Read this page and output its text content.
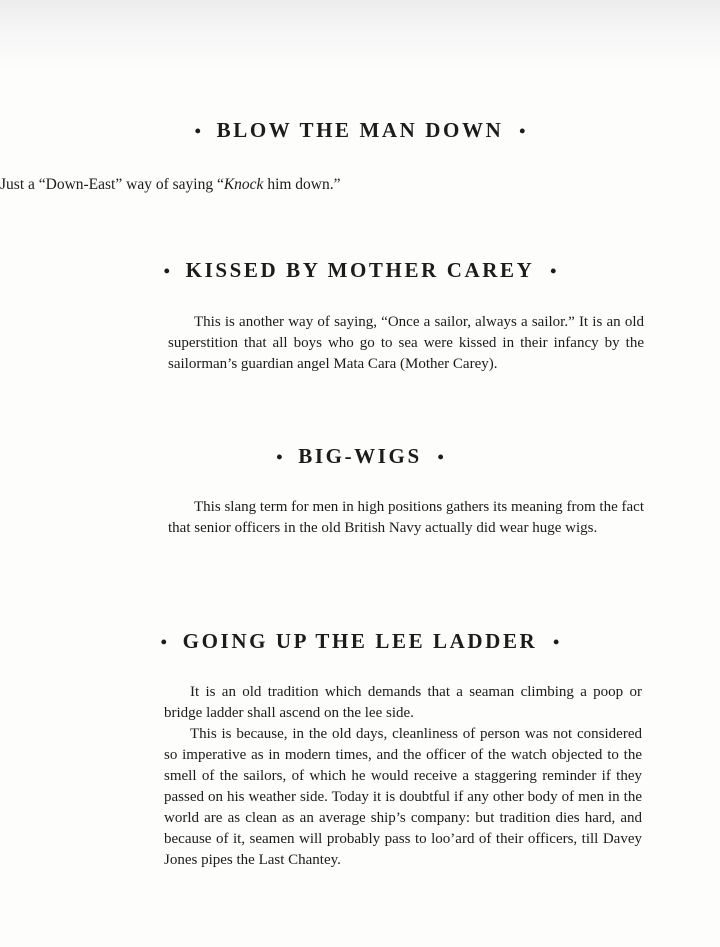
• BLOW THE MAN DOWN •

Just a “Down-East” way of saying “Knock him down.”

• KISSED BY MOTHER CAREY •

This is another way of saying, “Once a sailor, always a sailor.” It is an old superstition that all boys who go to sea were kissed in their infancy by the sailorman’s guardian angel Mata Cara (Mother Carey).

• BIG-WIGS •

This slang term for men in high positions gathers its meaning from the fact that senior officers in the old British Navy actually did wear huge wigs.

• GOING UP THE LEE LADDER •

It is an old tradition which demands that a seaman climbing a poop or bridge ladder shall ascend on the lee side.

This is because, in the old days, cleanliness of person was not considered so imperative as in modern times, and the officer of the watch objected to the smell of the sailors, of which he would receive a staggering reminder if they passed on his weather side. Today it is doubtful if any other body of men in the world are as clean as an average ship’s company: but tradition dies hard, and because of it, seamen will probably pass to loo’ard of their officers, till Davey Jones pipes the Last Chantey.
